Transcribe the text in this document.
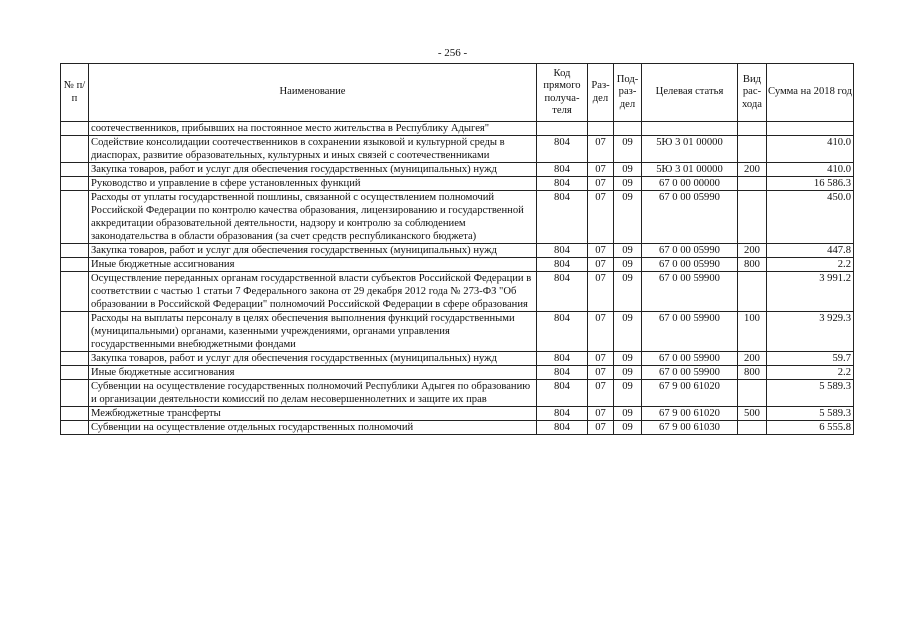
- 256 -
№ п/п	Наименование	Код прямого получа-теля	Раз-дел	Под-раз-дел	Целевая статья	Вид рас-хода	Сумма на 2018 год
	соотечественников, прибывших на постоянное место жительства в Республику Адыгея"						
	Содействие консолидации соотечественников в сохранении языковой и культурной среды в диаспорах, развитие образовательных, культурных и иных связей с соотечественниками	804	07	09	5Ю 3 01 00000		410.0
	Закупка товаров, работ и услуг для обеспечения государственных (муниципальных) нужд	804	07	09	5Ю 3 01 00000	200	410.0
	Руководство и управление в сфере установленных функций	804	07	09	67 0 00 00000		16 586.3
	Расходы от уплаты государственной пошлины, связанной с осуществлением полномочий Российской Федерации по контролю качества образования, лицензированию и государственной аккредитации образовательной деятельности, надзору и контролю за соблюдением законодательства в области образования (за счет средств республиканского бюджета)	804	07	09	67 0 00 05990		450.0
	Закупка товаров, работ и услуг для обеспечения государственных (муниципальных) нужд	804	07	09	67 0 00 05990	200	447.8
	Иные бюджетные ассигнования	804	07	09	67 0 00 05990	800	2.2
	Осуществление переданных органам государственной власти субъектов Российской Федерации в соответствии с частью 1 статьи 7 Федерального закона от 29 декабря 2012 года № 273-ФЗ "Об образовании в Российской Федерации" полномочий Российской Федерации в сфере образования	804	07	09	67 0 00 59900		3 991.2
	Расходы на выплаты персоналу в целях обеспечения выполнения функций государственными (муниципальными) органами, казенными учреждениями, органами управления государственными внебюджетными фондами	804	07	09	67 0 00 59900	100	3 929.3
	Закупка товаров, работ и услуг для обеспечения государственных (муниципальных) нужд	804	07	09	67 0 00 59900	200	59.7
	Иные бюджетные ассигнования	804	07	09	67 0 00 59900	800	2.2
	Субвенции на осуществление государственных полномочий Республики Адыгея по образованию и организации деятельности комиссий по делам несовершеннолетних и защите их прав	804	07	09	67 9 00 61020		5 589.3
	Межбюджетные трансферты	804	07	09	67 9 00 61020	500	5 589.3
	Субвенции на осуществление отдельных государственных полномочий	804	07	09	67 9 00 61030		6 555.8
